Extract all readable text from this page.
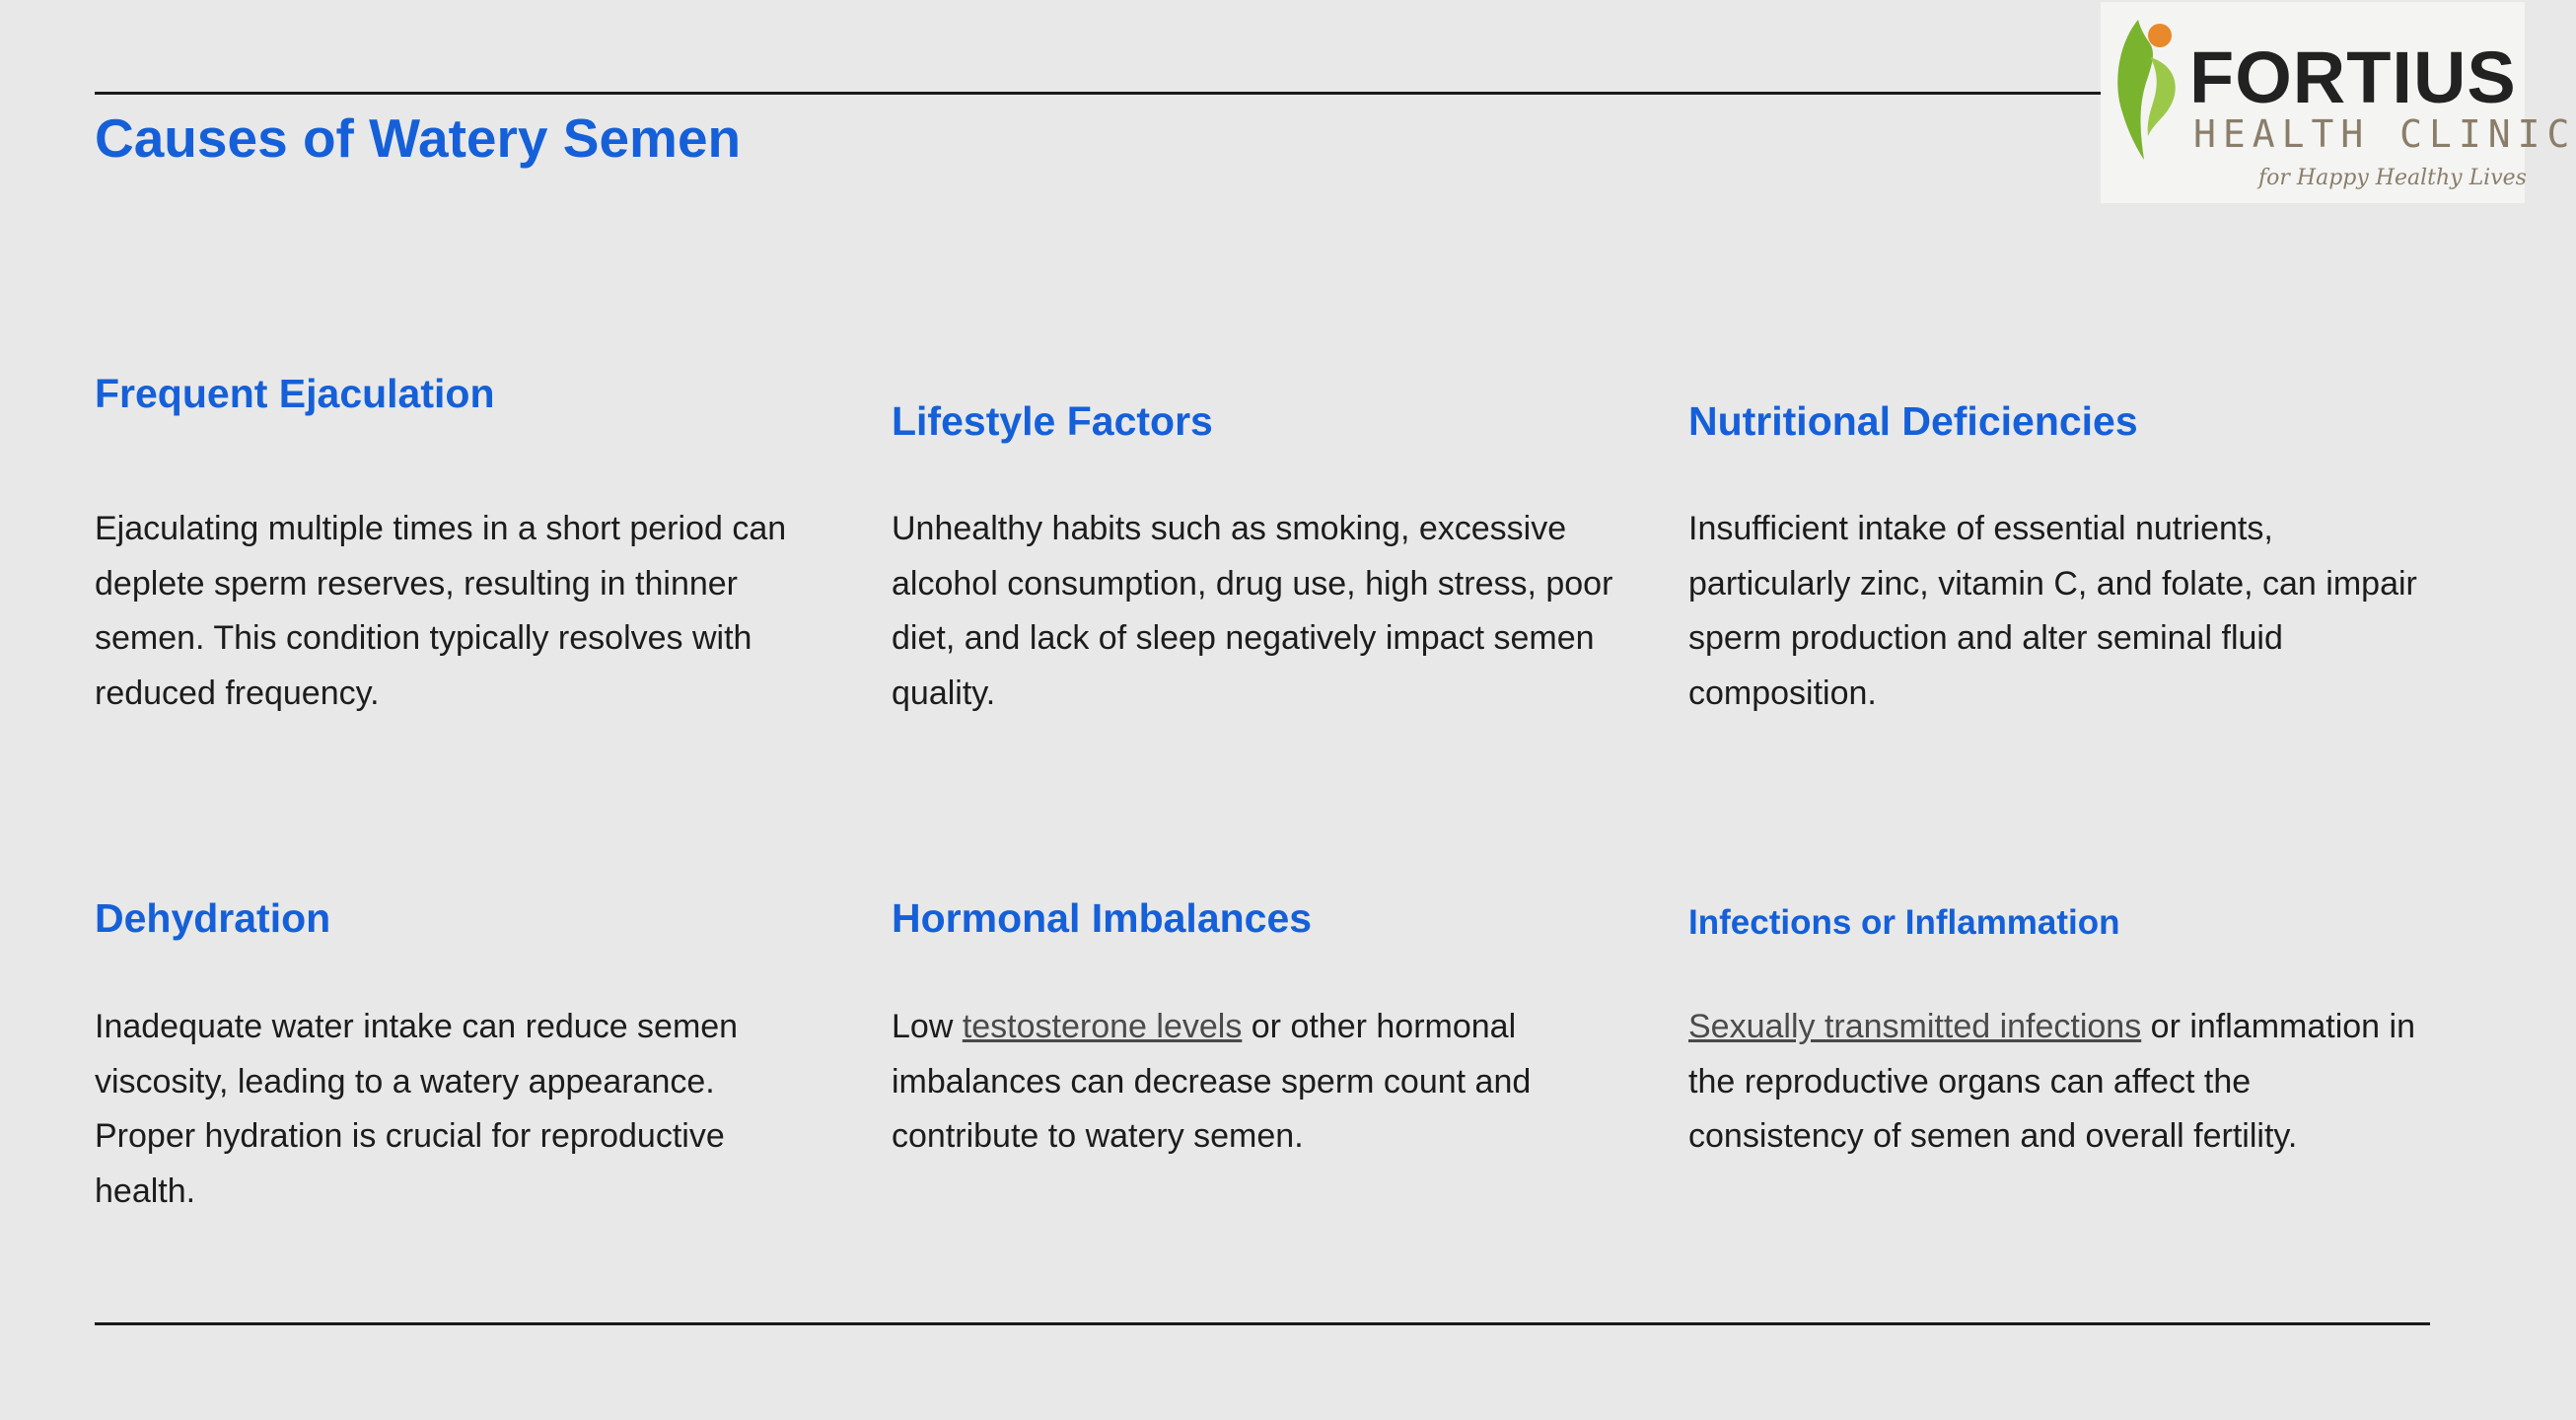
Causes of Watery Semen
FORTIUS
HEALTH CLINIC
for Happy Healthy Lives
Frequent Ejaculation

Ejaculating multiple times in a short period can deplete sperm reserves, resulting in thinner semen. This condition typically resolves with reduced frequency.

Lifestyle Factors

Unhealthy habits such as smoking, excessive alcohol consumption, drug use, high stress, poor diet, and lack of sleep negatively impact semen quality.

Nutritional Deficiencies

Insufficient intake of essential nutrients, particularly zinc, vitamin C, and folate, can impair sperm production and alter seminal fluid composition.

Dehydration

Inadequate water intake can reduce semen viscosity, leading to a watery appearance. Proper hydration is crucial for reproductive health.

Hormonal Imbalances

Low testosterone levels or other hormonal imbalances can decrease sperm count and contribute to watery semen.

Infections or Inflammation

Sexually transmitted infections or inflammation in the reproductive organs can affect the consistency of semen and overall fertility.
